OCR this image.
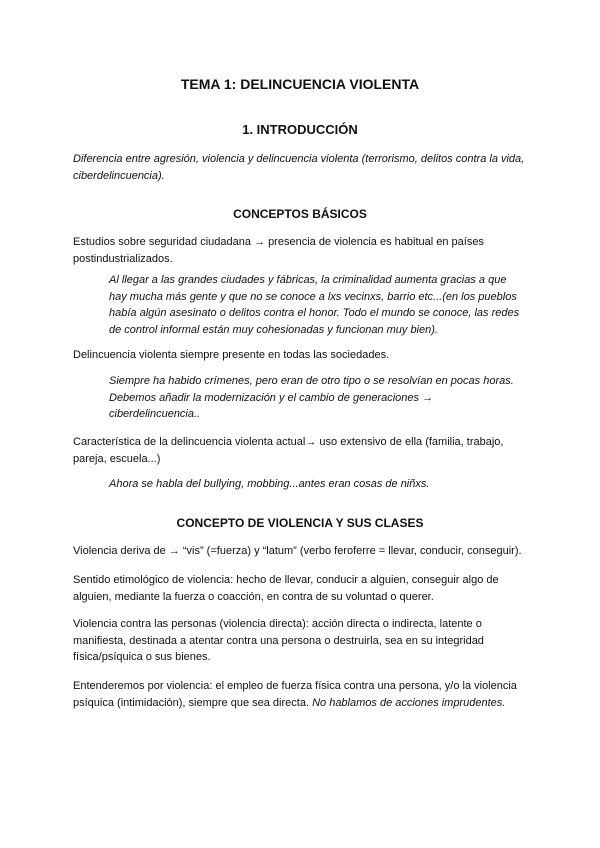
TEMA 1: DELINCUENCIA VIOLENTA
1. INTRODUCCIÓN
Diferencia entre agresión, violencia y delincuencia violenta (terrorismo, delitos contra la vida,
ciberdelincuencia).
CONCEPTOS BÁSICOS
Estudios sobre seguridad ciudadana → presencia de violencia es habitual en países
postindustrializados.
Al llegar a las grandes ciudades y fábricas, la criminalidad aumenta gracias a que
hay mucha más gente y que no se conoce a lxs vecinxs, barrio etc...(en los pueblos
había algún asesinato o delitos contra el honor. Todo el mundo se conoce, las redes
de control informal están muy cohesionadas y funcionan muy bien).
Delincuencia violenta siempre presente en todas las sociedades.
Siempre ha habido crímenes, pero eran de otro tipo o se resolvían en pocas horas.
Debemos añadir la modernización y el cambio de generaciones →
ciberdelincuencia..
Característica de la delincuencia violenta actual→ uso extensivo de ella (familia, trabajo,
pareja, escuela...)
Ahora se habla del bullying, mobbing...antes eran cosas de niñxs.
CONCEPTO DE VIOLENCIA Y SUS CLASES
Violencia deriva de → “vis” (=fuerza) y “latum” (verbo feroferre = llevar, conducir, conseguir).
Sentido etimológico de violencia: hecho de llevar, conducir a alguien, conseguir algo de
alguien, mediante la fuerza o coacción, en contra de su voluntad o querer.
Violencia contra las personas (violencia directa): acción directa o indirecta, latente o
manifiesta, destinada a atentar contra una persona o destruirla, sea en su integridad
física/psíquica o sus bienes.
Entenderemos por violencia: el empleo de fuerza física contra una persona, y/o la violencia
psíquica (intimidación), siempre que sea directa. No hablamos de acciones imprudentes.
